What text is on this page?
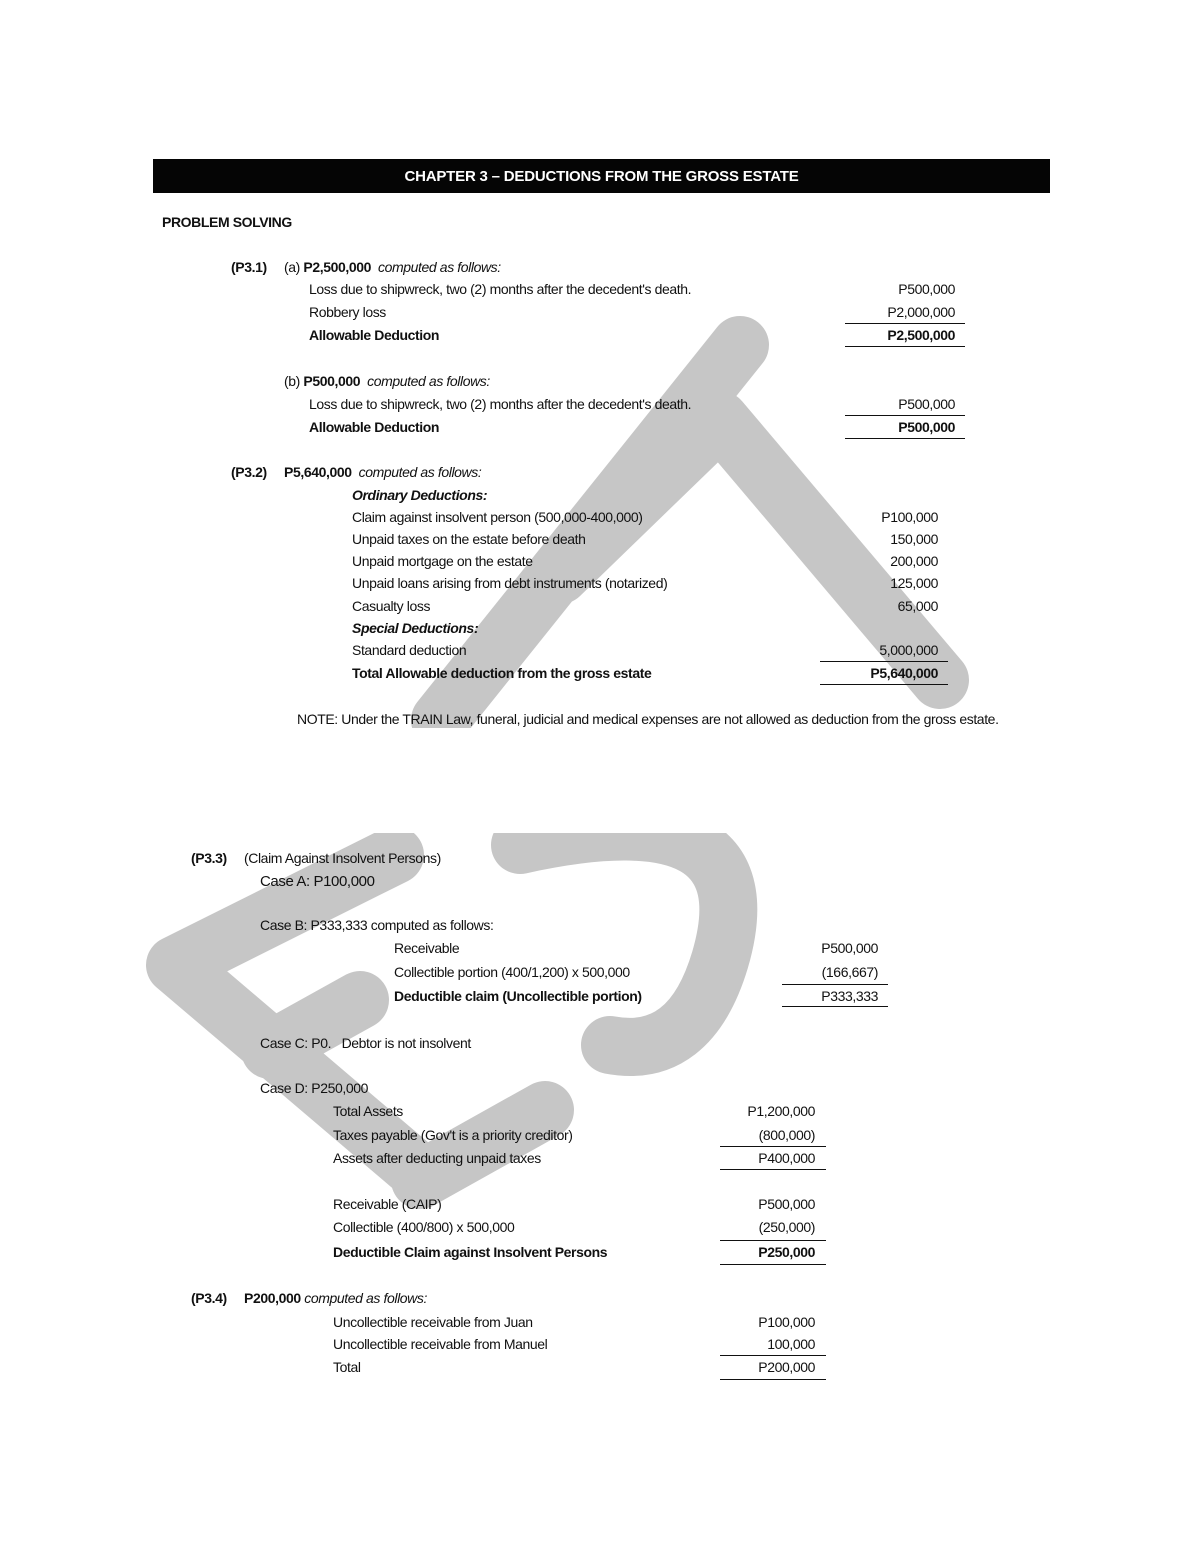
CHAPTER 3 – DEDUCTIONS FROM THE GROSS ESTATE
PROBLEM SOLVING
(P3.1) (a) P2,500,000 computed as follows:
Loss due to shipwreck, two (2) months after the decedent's death.	P500,000
Robbery loss	P2,000,000
Allowable Deduction	P2,500,000
(b) P500,000 computed as follows:
Loss due to shipwreck, two (2) months after the decedent's death.	P500,000
Allowable Deduction	P500,000
(P3.2) P5,640,000 computed as follows:
Ordinary Deductions:
Claim against insolvent person (500,000-400,000)	P100,000
Unpaid taxes on the estate before death	150,000
Unpaid mortgage on the estate	200,000
Unpaid loans arising from debt instruments (notarized)	125,000
Casualty loss	65,000
Special Deductions:
Standard deduction	5,000,000
Total Allowable deduction from the gross estate	P5,640,000
NOTE: Under the TRAIN Law, funeral, judicial and medical expenses are not allowed as deduction from the gross estate.
(P3.3) (Claim Against Insolvent Persons)
Case A: P100,000
Case B: P333,333 computed as follows:
Receivable	P500,000
Collectible portion (400/1,200) x 500,000	(166,667)
Deductible claim (Uncollectible portion)	P333,333
Case C: P0. Debtor is not insolvent
Case D: P250,000
Total Assets	P1,200,000
Taxes payable (Gov't is a priority creditor)	(800,000)
Assets after deducting unpaid taxes	P400,000
Receivable (CAIP)	P500,000
Collectible (400/800) x 500,000	(250,000)
Deductible Claim against Insolvent Persons	P250,000
(P3.4) P200,000 computed as follows:
Uncollectible receivable from Juan	P100,000
Uncollectible receivable from Manuel	100,000
Total	P200,000
